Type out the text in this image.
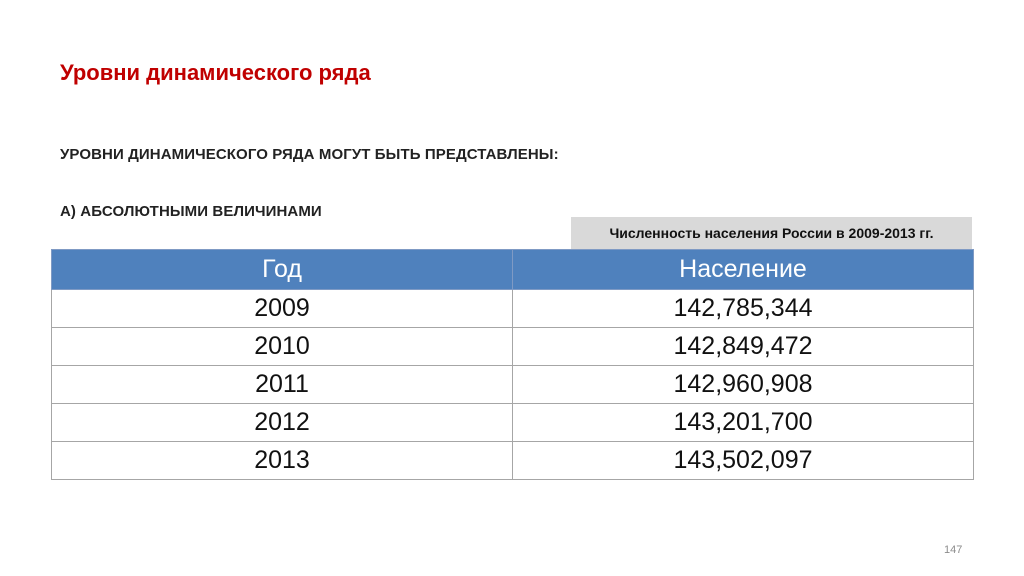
Уровни динамического ряда
УРОВНИ ДИНАМИЧЕСКОГО РЯДА МОГУТ БЫТЬ ПРЕДСТАВЛЕНЫ:
А) АБСОЛЮТНЫМИ ВЕЛИЧИНАМИ
Численность населения России в 2009-2013 гг.
Год	Население
2009	142,785,344
2010	142,849,472
2011	142,960,908
2012	143,201,700
2013	143,502,097
147
